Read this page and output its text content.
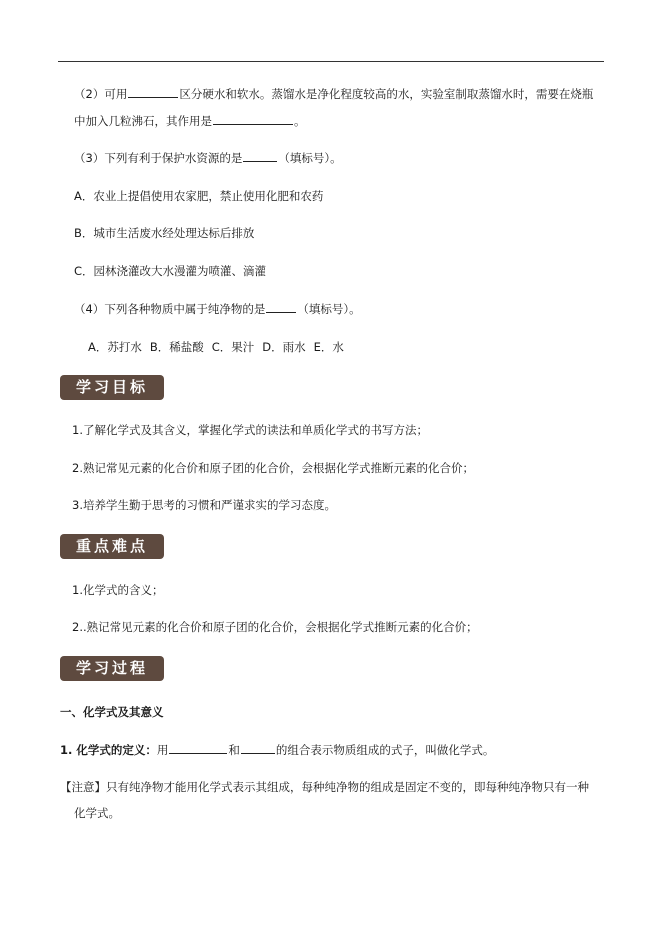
（2）可用	区分硬水和软水。蒸馏水是净化程度较高的水，实验室制取蒸馏水时，需要在烧瓶
中加入几粒沸石，其作用是	。
（3）下列有利于保护水资源的是	（填标号）。
A．农业上提倡使用农家肥，禁止使用化肥和农药
B．城市生活废水经处理达标后排放
C．园林浇灌改大水漫灌为喷灌、滴灌
（4）下列各种物质中属于纯净物的是	（填标号）。
A．苏打水 B．稀盐酸 C．果汁 D．雨水 E．水
学习目标
1.了解化学式及其含义，掌握化学式的读法和单质化学式的书写方法；
2.熟记常见元素的化合价和原子团的化合价，会根据化学式推断元素的化合价；
3.培养学生勤于思考的习惯和严谨求实的学习态度。
重点难点
1.化学式的含义；
2..熟记常见元素的化合价和原子团的化合价，会根据化学式推断元素的化合价；
学习过程
一、化学式及其意义
1. 化学式的定义：用	和	的组合表示物质组成的式子，叫做化学式。
【注意】只有纯净物才能用化学式表示其组成，每种纯净物的组成是固定不变的，即每种纯净物只有一种
化学式。
